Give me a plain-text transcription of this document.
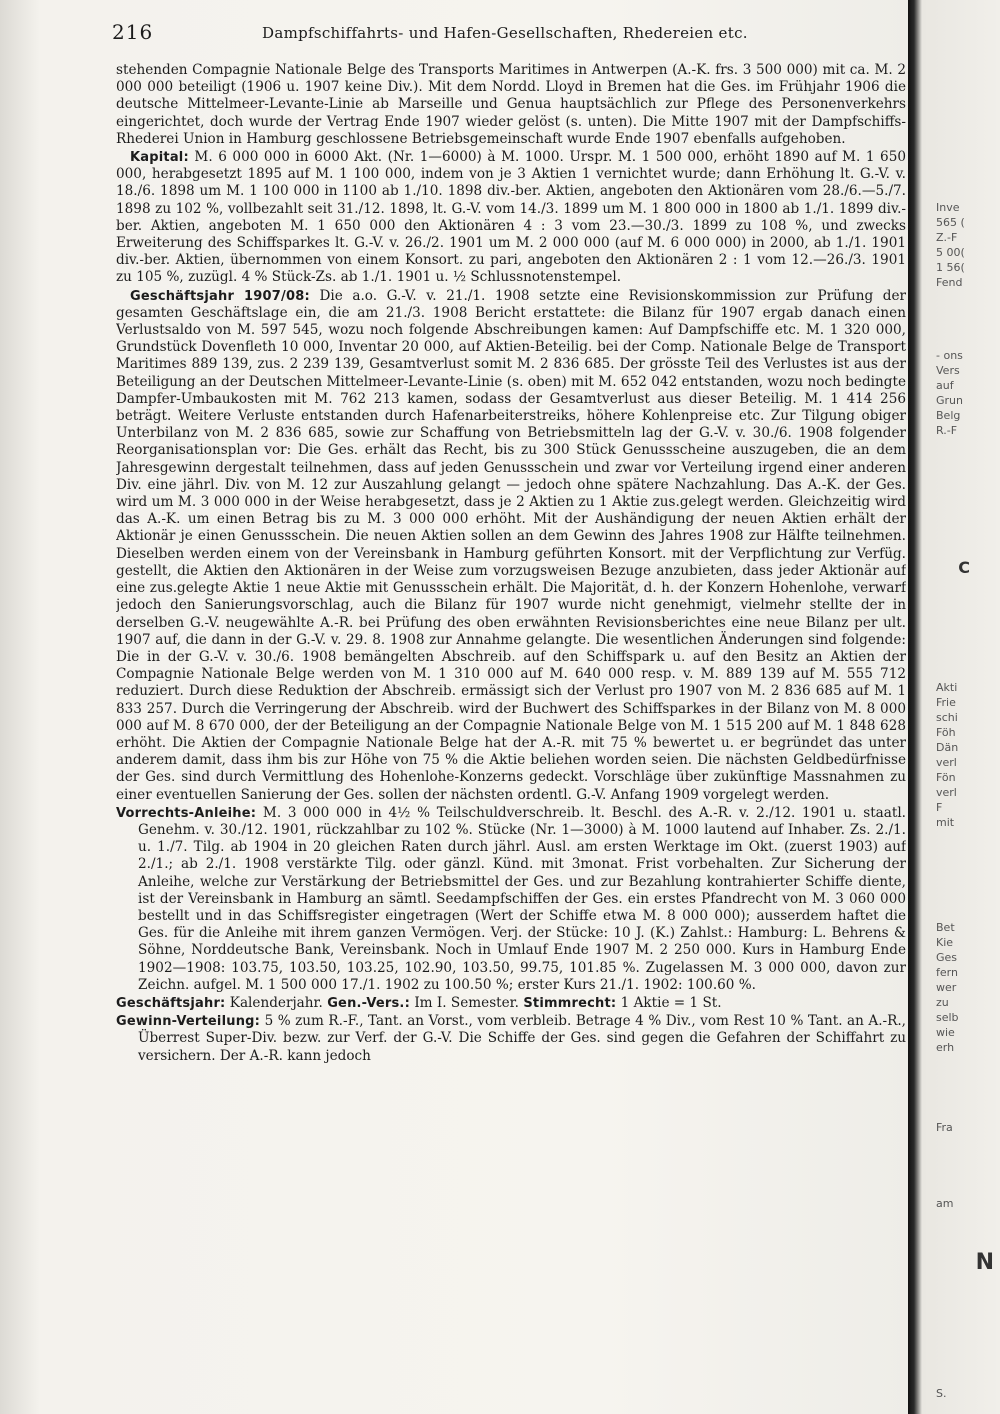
216	Dampfschiffahrts- und Hafen-Gesellschaften, Rhedereien etc.

stehenden Compagnie Nationale Belge des Transports Maritimes in Antwerpen (A.-K. frs. 3 500 000) mit ca. M. 2 000 000 beteiligt (1906 u. 1907 keine Div.). Mit dem Nordd. Lloyd in Bremen hat die Ges. im Frühjahr 1906 die deutsche Mittelmeer-Levante-Linie ab Marseille und Genua hauptsächlich zur Pflege des Personenverkehrs eingerichtet, doch wurde der Vertrag Ende 1907 wieder gelöst (s. unten). Die Mitte 1907 mit der Dampfschiffs-Rhederei Union in Hamburg geschlossene Betriebsgemeinschaft wurde Ende 1907 ebenfalls aufgehoben.

Kapital: M. 6 000 000 in 6000 Akt. (Nr. 1—6000) à M. 1000. Urspr. M. 1 500 000, erhöht 1890 auf M. 1 650 000, herabgesetzt 1895 auf M. 1 100 000, indem von je 3 Aktien 1 vernichtet wurde; dann Erhöhung lt. G.-V. v. 18./6. 1898 um M. 1 100 000 in 1100 ab 1./10. 1898 div.-ber. Aktien, angeboten den Aktionären vom 28./6.—5./7. 1898 zu 102 %, vollbezahlt seit 31./12. 1898, lt. G.-V. vom 14./3. 1899 um M. 1 800 000 in 1800 ab 1./1. 1899 div.-ber. Aktien, angeboten M. 1 650 000 den Aktionären 4 : 3 vom 23.—30./3. 1899 zu 108 %, und zwecks Erweiterung des Schiffsparkes lt. G.-V. v. 26./2. 1901 um M. 2 000 000 (auf M. 6 000 000) in 2000, ab 1./1. 1901 div.-ber. Aktien, übernommen von einem Konsort. zu pari, angeboten den Aktionären 2 : 1 vom 12.—26./3. 1901 zu 105 %, zuzügl. 4 % Stück-Zs. ab 1./1. 1901 u. ½ Schlussnotenstempel.

Geschäftsjahr 1907/08: Die a.o. G.-V. v. 21./1. 1908 setzte eine Revisionskommission zur Prüfung der gesamten Geschäftslage ein, die am 21./3. 1908 Bericht erstattete: die Bilanz für 1907 ergab danach einen Verlustsaldo von M. 597 545, wozu noch folgende Abschreibungen kamen: Auf Dampfschiffe etc. M. 1 320 000, Grundstück Dovenfleth 10 000, Inventar 20 000, auf Aktien-Beteilig. bei der Comp. Nationale Belge de Transport Maritimes 889 139, zus. 2 239 139, Gesamtverlust somit M. 2 836 685. Der grösste Teil des Verlustes ist aus der Beteiligung an der Deutschen Mittelmeer-Levante-Linie (s. oben) mit M. 652 042 entstanden, wozu noch bedingte Dampfer-Umbaukosten mit M. 762 213 kamen, sodass der Gesamtverlust aus dieser Beteilig. M. 1 414 256 beträgt. Weitere Verluste entstanden durch Hafenarbeiterstreiks, höhere Kohlenpreise etc. Zur Tilgung obiger Unterbilanz von M. 2 836 685, sowie zur Schaffung von Betriebsmitteln lag der G.-V. v. 30./6. 1908 folgender Reorganisationsplan vor: Die Ges. erhält das Recht, bis zu 300 Stück Genussscheine auszugeben, die an dem Jahresgewinn dergestalt teilnehmen, dass auf jeden Genussschein und zwar vor Verteilung irgend einer anderen Div. eine jährl. Div. von M. 12 zur Auszahlung gelangt — jedoch ohne spätere Nachzahlung. Das A.-K. der Ges. wird um M. 3 000 000 in der Weise herabgesetzt, dass je 2 Aktien zu 1 Aktie zus.gelegt werden. Gleichzeitig wird das A.-K. um einen Betrag bis zu M. 3 000 000 erhöht. Mit der Aushändigung der neuen Aktien erhält der Aktionär je einen Genussschein. Die neuen Aktien sollen an dem Gewinn des Jahres 1908 zur Hälfte teilnehmen. Dieselben werden einem von der Vereinsbank in Hamburg geführten Konsort. mit der Verpflichtung zur Verfüg. gestellt, die Aktien den Aktionären in der Weise zum vorzugsweisen Bezuge anzubieten, dass jeder Aktionär auf eine zus.gelegte Aktie 1 neue Aktie mit Genussschein erhält. Die Majorität, d. h. der Konzern Hohenlohe, verwarf jedoch den Sanierungsvorschlag, auch die Bilanz für 1907 wurde nicht genehmigt, vielmehr stellte der in derselben G.-V. neugewählte A.-R. bei Prüfung des oben erwähnten Revisionsberichtes eine neue Bilanz per ult. 1907 auf, die dann in der G.-V. v. 29. 8. 1908 zur Annahme gelangte. Die wesentlichen Änderungen sind folgende: Die in der G.-V. v. 30./6. 1908 bemängelten Abschreib. auf den Schiffspark u. auf den Besitz an Aktien der Compagnie Nationale Belge werden von M. 1 310 000 auf M. 640 000 resp. v. M. 889 139 auf M. 555 712 reduziert. Durch diese Reduktion der Abschreib. ermässigt sich der Verlust pro 1907 von M. 2 836 685 auf M. 1 833 257. Durch die Verringerung der Abschreib. wird der Buchwert des Schiffsparkes in der Bilanz von M. 8 000 000 auf M. 8 670 000, der der Beteiligung an der Compagnie Nationale Belge von M. 1 515 200 auf M. 1 848 628 erhöht. Die Aktien der Compagnie Nationale Belge hat der A.-R. mit 75 % bewertet u. er begründet das unter anderem damit, dass ihm bis zur Höhe von 75 % die Aktie beliehen worden seien. Die nächsten Geldbedürfnisse der Ges. sind durch Vermittlung des Hohenlohe-Konzerns gedeckt. Vorschläge über zukünftige Massnahmen zu einer eventuellen Sanierung der Ges. sollen der nächsten ordentl. G.-V. Anfang 1909 vorgelegt werden.

Vorrechts-Anleihe: M. 3 000 000 in 4½ % Teilschuldverschreib. lt. Beschl. des A.-R. v. 2./12. 1901 u. staatl. Genehm. v. 30./12. 1901, rückzahlbar zu 102 %. Stücke (Nr. 1—3000) à M. 1000 lautend auf Inhaber. Zs. 2./1. u. 1./7. Tilg. ab 1904 in 20 gleichen Raten durch jährl. Ausl. am ersten Werktage im Okt. (zuerst 1903) auf 2./1.; ab 2./1. 1908 verstärkte Tilg. oder gänzl. Künd. mit 3monat. Frist vorbehalten. Zur Sicherung der Anleihe, welche zur Verstärkung der Betriebsmittel der Ges. und zur Bezahlung kontrahierter Schiffe diente, ist der Vereinsbank in Hamburg an sämtl. Seedampfschiffen der Ges. ein erstes Pfandrecht von M. 3 060 000 bestellt und in das Schiffsregister eingetragen (Wert der Schiffe etwa M. 8 000 000); ausserdem haftet die Ges. für die Anleihe mit ihrem ganzen Vermögen. Verj. der Stücke: 10 J. (K.) Zahlst.: Hamburg: L. Behrens & Söhne, Norddeutsche Bank, Vereinsbank. Noch in Umlauf Ende 1907 M. 2 250 000. Kurs in Hamburg Ende 1902—1908: 103.75, 103.50, 103.25, 102.90, 103.50, 99.75, 101.85 %. Zugelassen M. 3 000 000, davon zur Zeichn. aufgel. M. 1 500 000 17./1. 1902 zu 100.50 %; erster Kurs 21./1. 1902: 100.60 %.

Geschäftsjahr: Kalenderjahr. Gen.-Vers.: Im I. Semester. Stimmrecht: 1 Aktie = 1 St.

Gewinn-Verteilung: 5 % zum R.-F., Tant. an Vorst., vom verbleib. Betrage 4 % Div., vom Rest 10 % Tant. an A.-R., Überrest Super-Div. bezw. zur Verf. der G.-V. Die Schiffe der Ges. sind gegen die Gefahren der Schiffahrt zu versichern. Der A.-R. kann jedoch

Inve
565 (
Z.-F
5 00(
1 56(
Fend
- ons
Vers
auf
Grun
Belg
R.-F
C
Akti
Frie
schi
Föh
Dän
verl
Fön
verl
F
mit
Bet
Kie
Ges
fern
wer
zu
selb
wie
erh
Fra
am
N
S.
